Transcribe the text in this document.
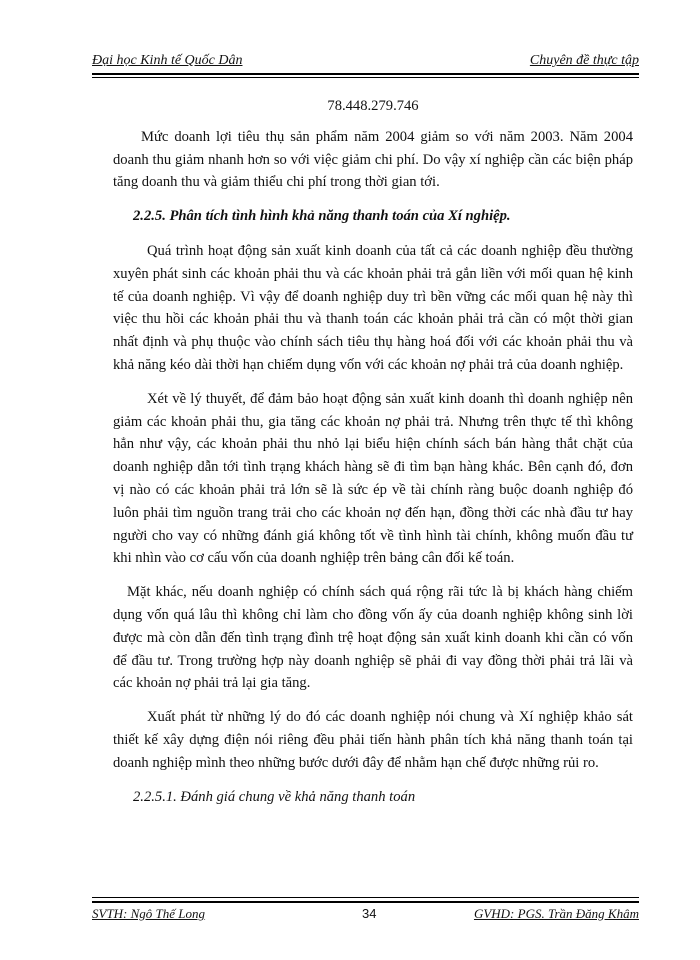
Đại học Kinh tế Quốc Dân	Chuyên đề thực tập

78.448.279.746

Mức doanh lợi tiêu thụ sản phẩm năm 2004 giảm so với năm 2003. Năm 2004 doanh thu giảm nhanh hơn so với việc giảm chi phí. Do vậy xí nghiệp cần các biện pháp tăng doanh thu và giảm thiểu chi phí trong thời gian tới.

2.2.5. Phân tích tình hình khả năng thanh toán của Xí nghiệp.

Quá trình hoạt động sản xuất kinh doanh của tất cả các doanh nghiệp đều thường xuyên phát sinh các khoản phải thu và các khoản phải trả gắn liền với mối quan hệ kinh tế của doanh nghiệp. Vì vậy để doanh nghiệp duy trì bền vững các mối quan hệ này thì việc thu hồi các khoản phải thu và thanh toán các khoản phải trả cần có một thời gian nhất định và phụ thuộc vào chính sách tiêu thụ hàng hoá đối với các khoản phải thu và khả năng kéo dài thời hạn chiếm dụng vốn với các khoản nợ phải trả của doanh nghiệp.

Xét về lý thuyết, để đảm bảo hoạt động sản xuất kinh doanh thì doanh nghiệp nên giảm các khoản phải thu, gia tăng các khoản nợ phải trả. Nhưng trên thực tế thì không hẳn như vậy, các khoản phải thu nhỏ lại biểu hiện chính sách bán hàng thắt chặt của doanh nghiệp dẫn tới tình trạng khách hàng sẽ đi tìm bạn hàng khác. Bên cạnh đó, đơn vị nào có các khoản phải trả lớn sẽ là sức ép về tài chính ràng buộc doanh nghiệp đó luôn phải tìm nguồn trang trải cho các khoản nợ đến hạn, đồng thời các nhà đầu tư hay người cho vay có những đánh giá không tốt về tình hình tài chính, không muốn đầu tư khi nhìn vào cơ cấu vốn của doanh nghiệp trên bảng cân đối kế toán.

Mặt khác, nếu doanh nghiệp có chính sách quá rộng rãi tức là bị khách hàng chiếm dụng vốn quá lâu thì không chỉ làm cho đồng vốn ấy của doanh nghiệp không sinh lời được mà còn dẫn đến tình trạng đình trệ hoạt động sản xuất kinh doanh khi cần có vốn để đầu tư. Trong trường hợp này doanh nghiệp sẽ phải đi vay đồng thời phải trả lãi và các khoản nợ phải trả lại gia tăng.

Xuất phát từ những lý do đó các doanh nghiệp nói chung và Xí nghiệp khảo sát thiết kế xây dựng điện nói riêng đều phải tiến hành phân tích khả năng thanh toán tại doanh nghiệp mình theo những bước dưới đây để nhằm hạn chế được những rủi ro.

2.2.5.1. Đánh giá chung về khả năng thanh toán

SVTH: Ngô Thế Long	34	GVHD: PGS. Trần Đăng Khâm
